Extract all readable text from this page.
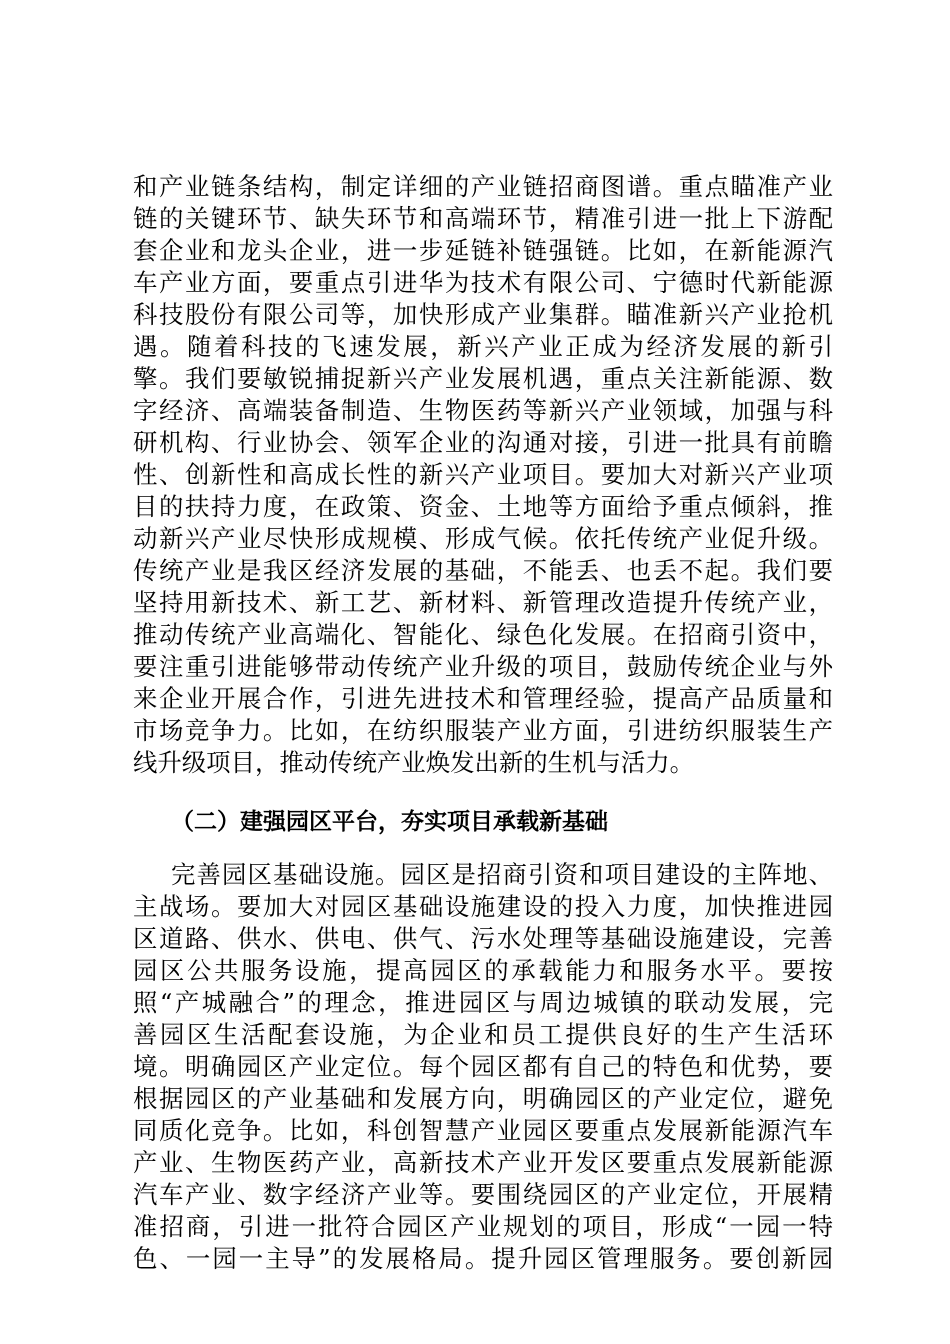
和产业链条结构，制定详细的产业链招商图谱。重点瞄准产业
链的关键环节、缺失环节和高端环节，精准引进一批上下游配
套企业和龙头企业，进一步延链补链强链。比如，在新能源汽
车产业方面，要重点引进华为技术有限公司、宁德时代新能源
科技股份有限公司等，加快形成产业集群。瞄准新兴产业抢机
遇。随着科技的飞速发展，新兴产业正成为经济发展的新引
擎。我们要敏锐捕捉新兴产业发展机遇，重点关注新能源、数
字经济、高端装备制造、生物医药等新兴产业领域，加强与科
研机构、行业协会、领军企业的沟通对接，引进一批具有前瞻
性、创新性和高成长性的新兴产业项目。要加大对新兴产业项
目的扶持力度，在政策、资金、土地等方面给予重点倾斜，推
动新兴产业尽快形成规模、形成气候。依托传统产业促升级。
传统产业是我区经济发展的基础，不能丢、也丢不起。我们要
坚持用新技术、新工艺、新材料、新管理改造提升传统产业，
推动传统产业高端化、智能化、绿色化发展。在招商引资中，
要注重引进能够带动传统产业升级的项目，鼓励传统企业与外
来企业开展合作，引进先进技术和管理经验，提高产品质量和
市场竞争力。比如，在纺织服装产业方面，引进纺织服装生产
线升级项目，推动传统产业焕发出新的生机与活力。
（二）建强园区平台，夯实项目承载新基础
完善园区基础设施。园区是招商引资和项目建设的主阵地、
主战场。要加大对园区基础设施建设的投入力度，加快推进园
区道路、供水、供电、供气、污水处理等基础设施建设，完善
园区公共服务设施，提高园区的承载能力和服务水平。要按
照“产城融合”的理念，推进园区与周边城镇的联动发展，完
善园区生活配套设施，为企业和员工提供良好的生产生活环
境。明确园区产业定位。每个园区都有自己的特色和优势，要
根据园区的产业基础和发展方向，明确园区的产业定位，避免
同质化竞争。比如，科创智慧产业园区要重点发展新能源汽车
产业、生物医药产业，高新技术产业开发区要重点发展新能源
汽车产业、数字经济产业等。要围绕园区的产业定位，开展精
准招商，引进一批符合园区产业规划的项目，形成“一园一特
色、一园一主导”的发展格局。提升园区管理服务。要创新园
